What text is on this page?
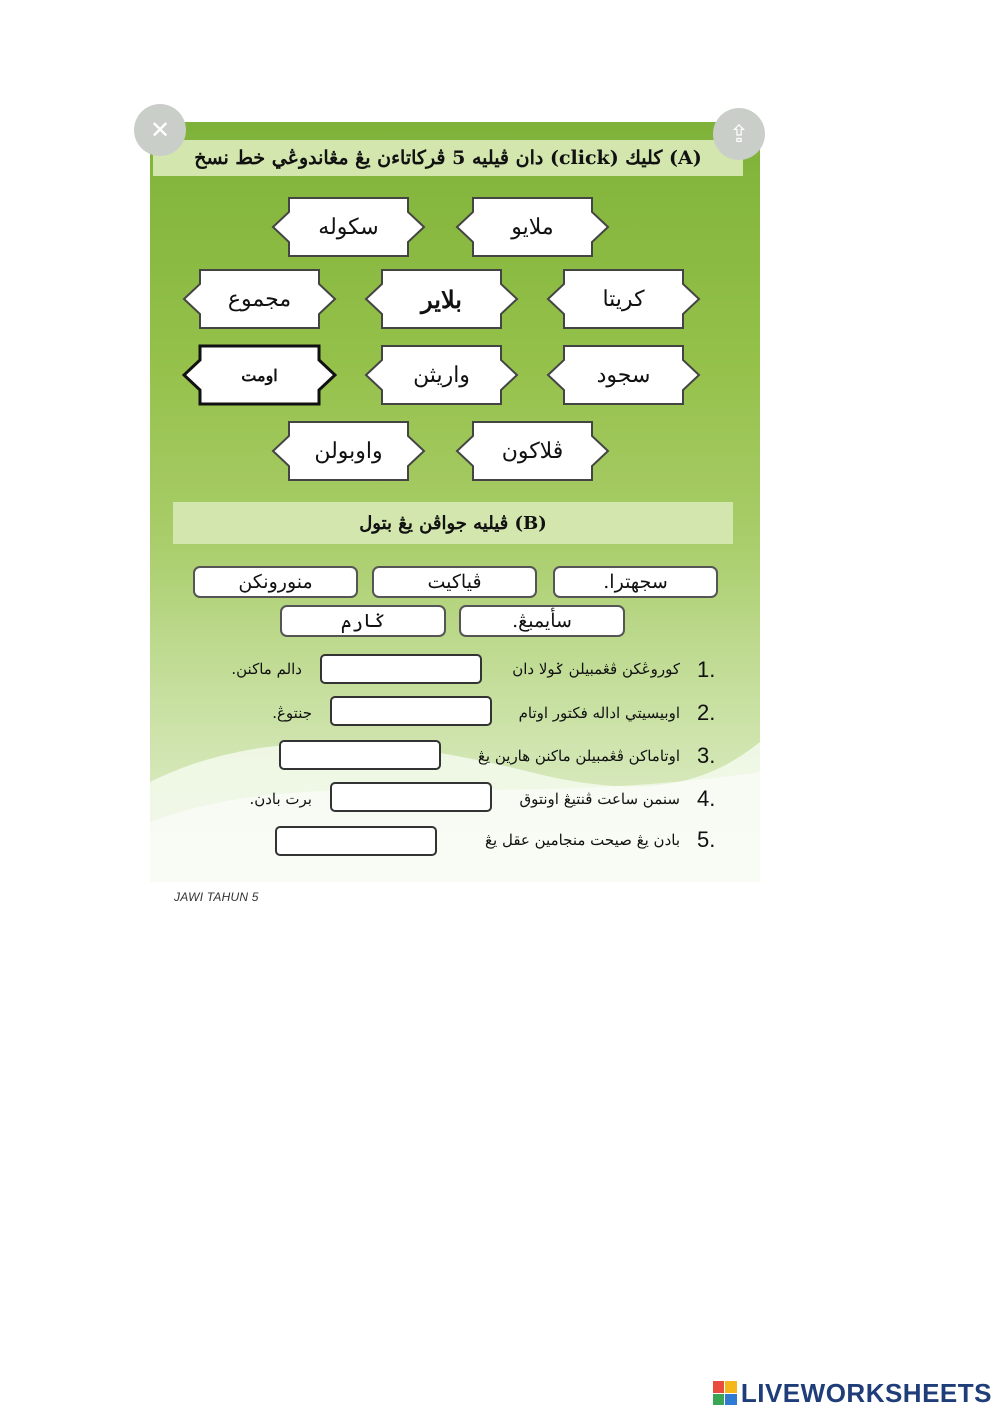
(A) كليك (click) دان ڤيليه 5 ڤركاتاءن يڠ مڠاندوڠي خط نسخ
ملايو
سكوله
كريتا
بلاير
مجموع
سجود
واريثن
اومت
ڤلاكون
واوبولن
(B) ڤيليه جواڤن يڠ بتول
سجهترا.
ڤياكيت
منورونكن
سأيمبڠ.
ݢارم
1.
كوروڠكن ڤڠمبيلن ݢولا دان
دالم ماكنن.
2.
اوبيسيتي اداله فكتور اوتام
جنتوڠ.
3.
اوتاماكن ڤڠمبيلن ماكنن هارين يڠ
4.
سنمن ساعت ڤنتيڠ اونتوق
برت بادن.
5.
بادن يڠ صيحت منجامين عقل يڠ
✕	⇪
JAWI TAHUN 5
LIVEWORKSHEETS
